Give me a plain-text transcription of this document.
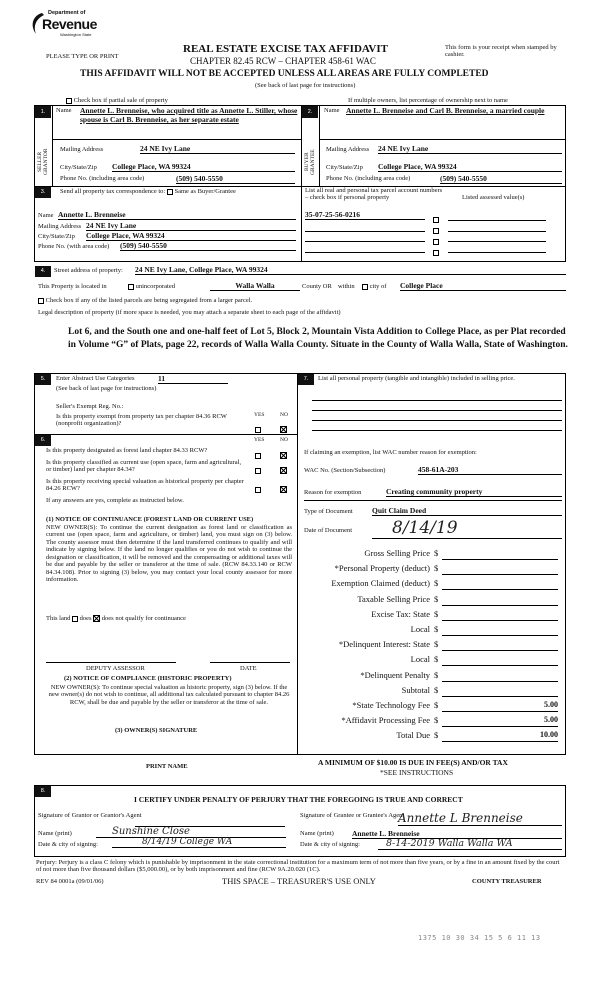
Department of
Revenue
Washington State
PLEASE TYPE OR PRINT
REAL ESTATE EXCISE TAX AFFIDAVIT
CHAPTER 82.45 RCW – CHAPTER 458-61 WAC
This form is your receipt when stamped by cashier.
THIS AFFIDAVIT WILL NOT BE ACCEPTED UNLESS ALL AREAS ARE FULLY COMPLETED
(See back of last page for instructions)
Check box if partial sale of property	If multiple owners, list percentage of ownership next to name
1.
SELLER GRANTOR
Name Annette L. Brenneise, who acquired title as Annette L. Stiller, whose spouse is Carl B. Brenneise, as her separate estate
Mailing Address	24 NE Ivy Lane
City/State/Zip College Place, WA 99324
Phone No. (including area code)	(509) 540-5550
2.
BUYER GRANTEE
Name Annette L. Brenneise and Carl B. Brenneise, a married couple
Mailing Address 24 NE Ivy Lane
City/State/Zip College Place, WA 99324
Phone No. (including area code)	(509) 540-5550
3.	Send all property tax correspondence to: Same as Buyer/Grantee
Name Annette L. Brenneise
Mailing Address 24 NE Ivy Lane
City/State/Zip College Place, WA 99324
Phone No. (with area code) (509) 540-5550
List all real and personal tax parcel account numbers – check box if personal property	Listed assessed value(s)
35-07-25-56-0216
4.	Street address of property: 24 NE Ivy Lane, College Place, WA 99324
This Property is located in	unincorporated	Walla Walla	County OR within	city of College Place
Check box if any of the listed parcels are being segregated from a larger parcel.
Legal description of property (if more space is needed, you may attach a separate sheet to each page of the affidavit)
Lot 6, and the South one and one-half feet of Lot 5, Block 2, Mountain Vista Addition to College Place, as per Plat recorded in Volume “G” of Plats, page 22, records of Walla Walla County. Situate in the County of Walla Walla, State of Washington.
5.	Enter Abstract Use Categories	11
(See back of last page for instructions)
Seller's Exempt Reg. No.:
Is this property exempt from property tax per chapter 84.36 RCW (nonprofit organization)?
YES	NO
7.	List all personal property (tangible and intangible) included in selling price.
6.	YES	NO
Is this property designated as forest land chapter 84.33 RCW?
Is this property classified as current use (open space, farm and agricultural, or timber) land per chapter 84.34?
Is this property receiving special valuation as historical property per chapter 84.26 RCW?
If any answers are yes, complete as instructed below.
(1) NOTICE OF CONTINUANCE (FOREST LAND OR CURRENT USE)
NEW OWNER(S): To continue the current designation as forest land or classification as current use (open space, farm and agriculture, or timber) land, you must sign on (3) below. The county assessor must then determine if the land transferred continues to qualify and will indicate by signing below. If the land no longer qualifies or you do not wish to continue the designation or classification, it will be removed and the compensating or additional taxes will be due and payable by the seller or transferor at the time of sale. (RCW 84.33.140 or RCW 84.34.108). Prior to signing (3) below, you may contact your local county assessor for more information.
This land does does not qualify for continuance
DEPUTY ASSESSOR	DATE
(2) NOTICE OF COMPLIANCE (HISTORIC PROPERTY)
NEW OWNER(S): To continue special valuation as historic property, sign (3) below. If the new owner(s) do not wish to continue, all additional tax calculated pursuant to chapter 84.26 RCW, shall be due and payable by the seller or transferor at the time of sale.
(3) OWNER(S) SIGNATURE
PRINT NAME
If claiming an exemption, list WAC number reason for exemption:
WAC No. (Section/Subsection)	458-61A-203
Reason for exemption	Creating community property
Type of Document	Quit Claim Deed
Date of Document	8/14/19
Gross Selling Price $
*Personal Property (deduct) $
Exemption Claimed (deduct) $
Taxable Selling Price $
Excise Tax: State $
Local $
*Delinquent Interest: State $
Local $
*Delinquent Penalty $
Subtotal $
*State Technology Fee $	5.00
*Affidavit Processing Fee $	5.00
Total Due $	10.00
A MINIMUM OF $10.00 IS DUE IN FEE(S) AND/OR TAX
*SEE INSTRUCTIONS
8.
I CERTIFY UNDER PENALTY OF PERJURY THAT THE FOREGOING IS TRUE AND CORRECT
Signature of Grantor or Grantor's Agent
Name (print)	Sunshine Close
Date & city of signing:	8/14/19 College WA
Signature of Grantee or Grantee's Agent
Annette L Brenneise
Name (print) Annette L. Brenneise
Date & city of signing:	8-14-2019 Walla Walla WA
Perjury: Perjury is a class C felony which is punishable by imprisonment in the state correctional institution for a maximum term of not more than five years, or by a fine in an amount fixed by the court of not more than five thousand dollars ($5,000.00), or by both imprisonment and fine (RCW 9A.20.020 (1C).
REV 84 0001a (09/01/06)	THIS SPACE – TREASURER'S USE ONLY	COUNTY TREASURER
1375 10 30 34 15 5 6 11 13
